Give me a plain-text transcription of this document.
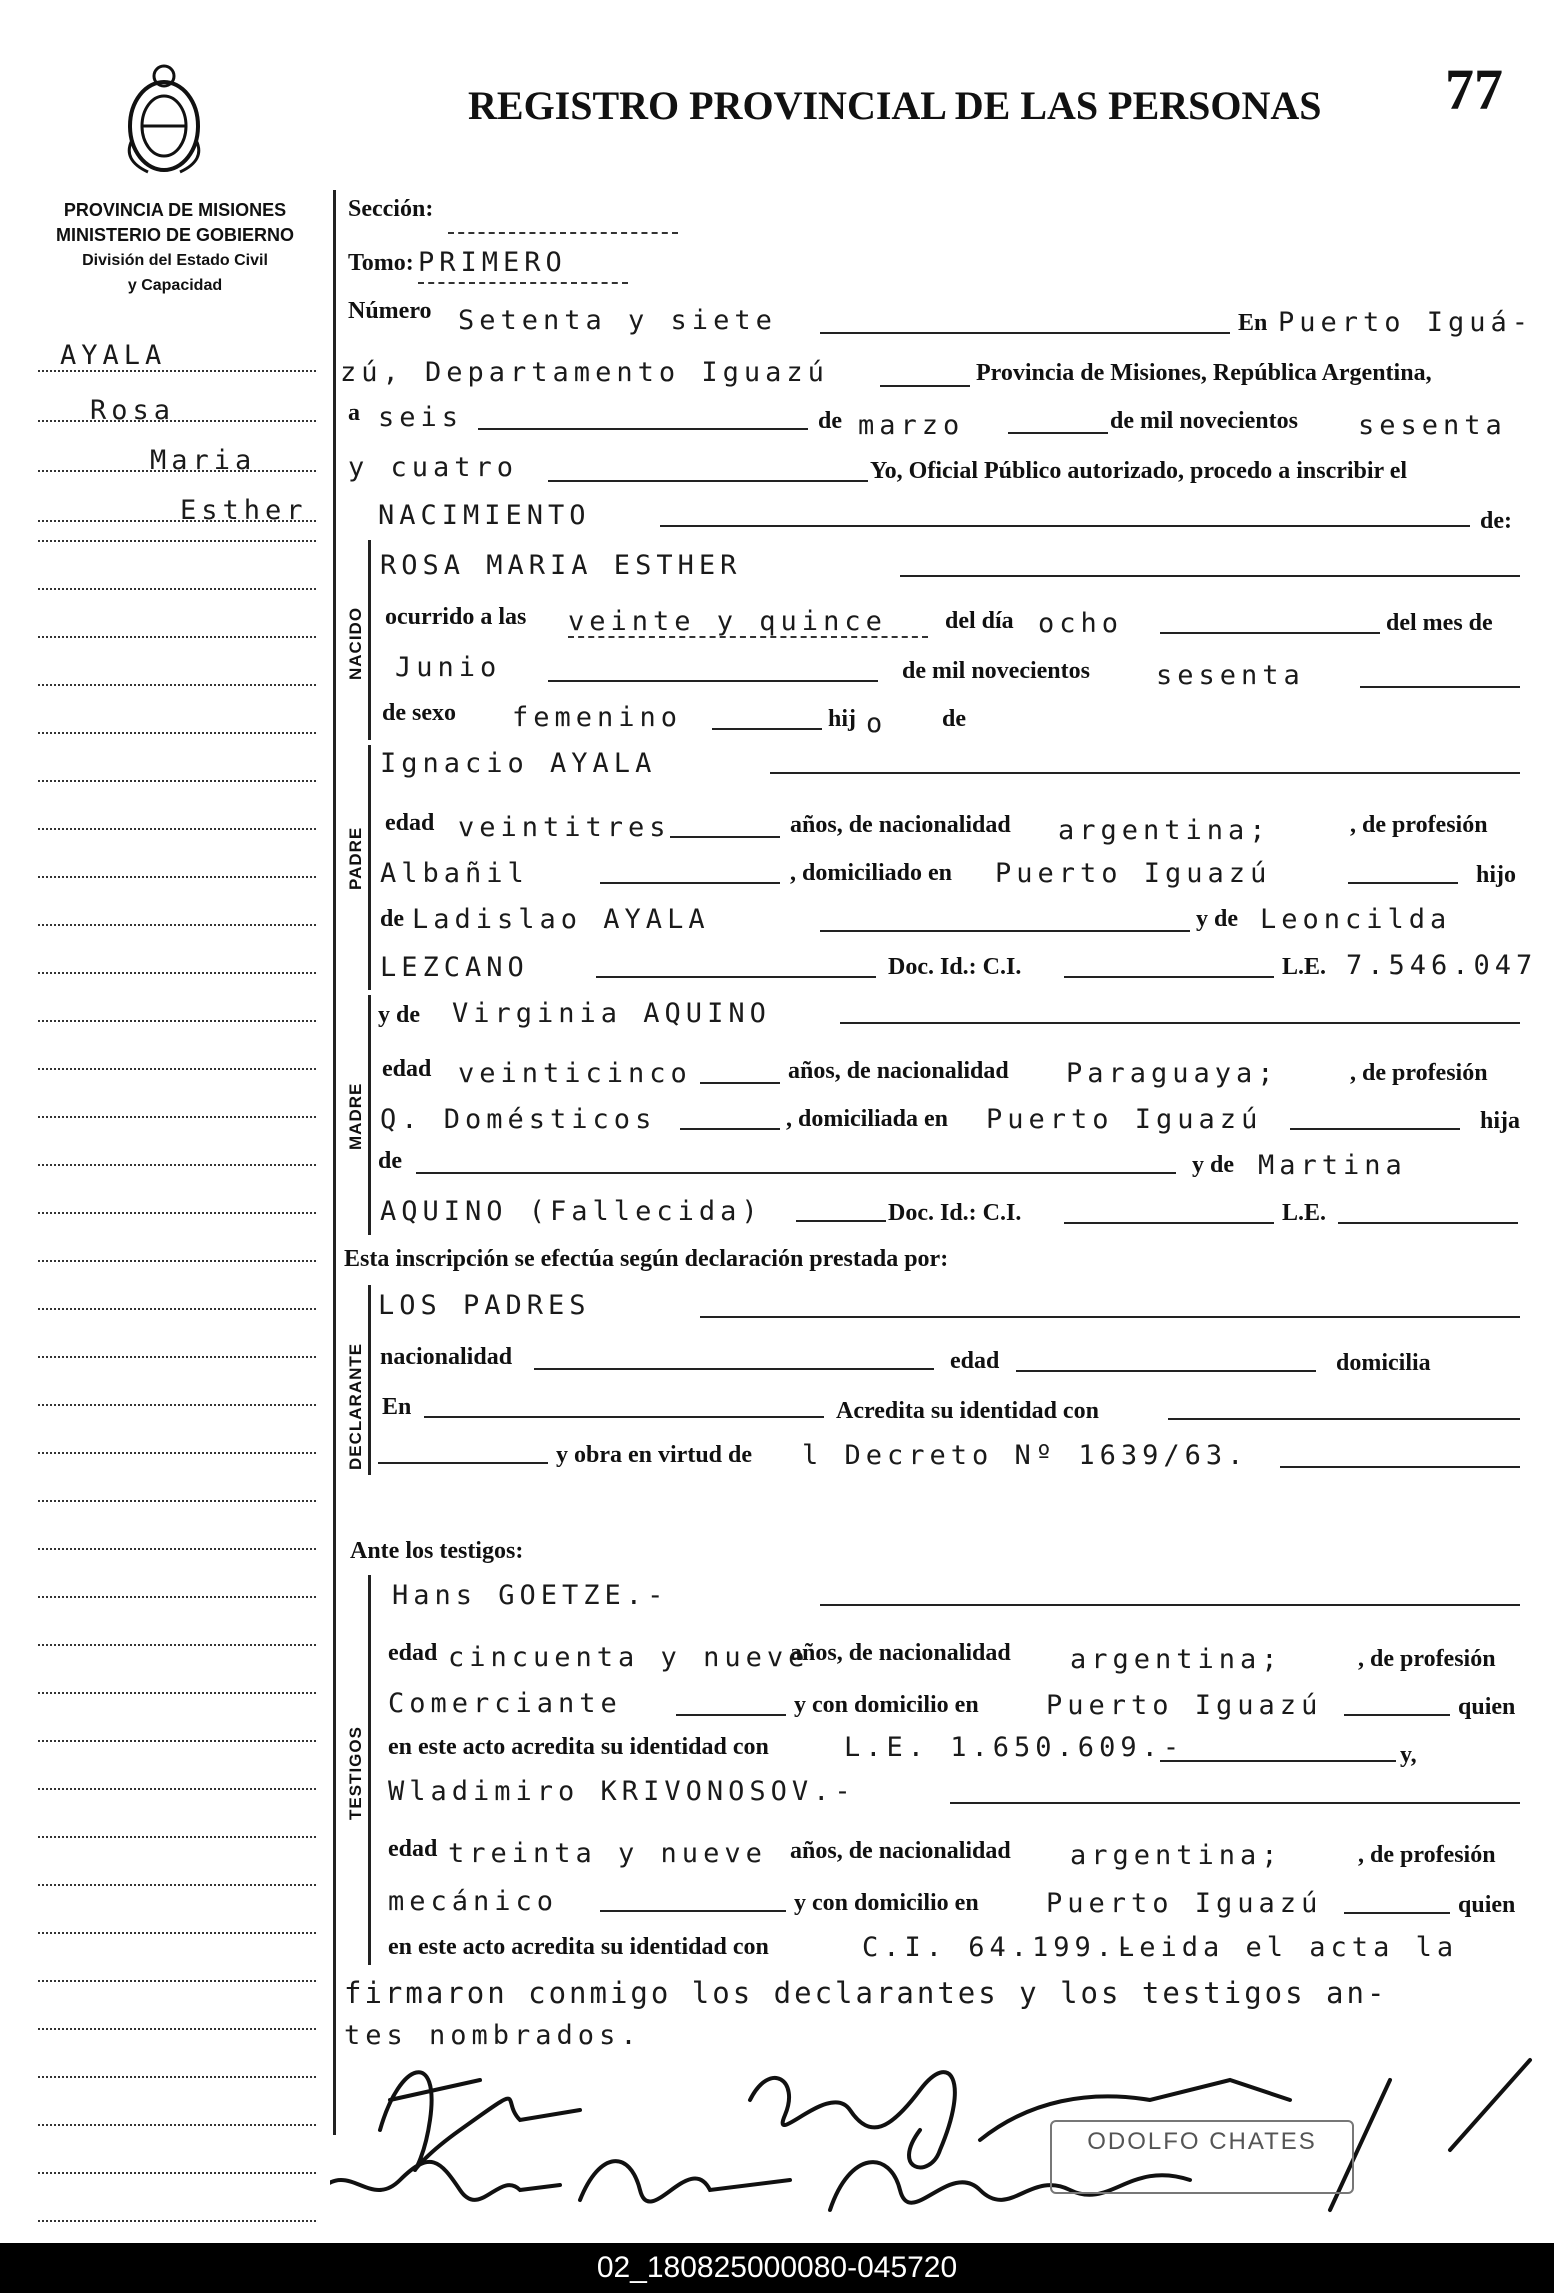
REGISTRO PROVINCIAL DE LAS PERSONAS 77
PROVINCIA DE MISIONES
MINISTERIO DE GOBIERNO
División del Estado Civil
y Capacidad
AYALA
Rosa
Maria
Esther
Sección:
Tomo: PRIMERO
Número Setenta y siete	En Puerto Iguá-
zú, Departamento Iguazú	Provincia de Misiones, República Argentina,
a seis	de marzo	de mil novecientos sesenta
y cuatro	Yo, Oficial Público autorizado, procedo a inscribir el
NACIMIENTO	de:
NACIDO
ROSA MARIA ESTHER
ocurrido a las veinte y quince del día ocho	del mes de
Junio	de mil novecientos sesenta
de sexo femenino	hij o de
PADRE
Ignacio AYALA
edad veintitres	años, de nacionalidad argentina;	, de profesión
Albañil	, domiciliado en Puerto Iguazú	hijo
de Ladislao AYALA	y de Leoncilda
LEZCANO	Doc. Id.: C.I.	L.E. 7.546.047
MADRE
y de Virginia AQUINO
edad veinticinco	años, de nacionalidad Paraguaya;	, de profesión
Q. Domésticos	, domiciliada en Puerto Iguazú	hija
de	y de Martina
AQUINO (Fallecida)	Doc. Id.: C.I.	L.E.
Esta inscripción se efectúa según declaración prestada por:
DECLARANTE
LOS PADRES
nacionalidad	edad	domicilia
En	Acredita su identidad con
y obra en virtud de l Decreto Nº 1639/63.
Ante los testigos:
TESTIGOS
Hans GOETZE.-
edad cincuenta y nueve
años, de nacionalidad argentina;	, de profesión
Comerciante	y con domicilio en Puerto Iguazú	quien
en este acto acredita su identidad con	L.E. 1.650.609.-	y,
Wladimiro KRIVONOSOV.-
edad treinta y nueve años, de nacionalidad argentina;	, de profesión
mecánico	y con domicilio en Puerto Iguazú	quien
en este acto acredita su identidad con	C.I. 64.199.-
Leida el acta la
firmaron conmigo los declarantes y los testigos an-
tes nombrados.
ODOLFO CHATES
02_180825000080-045720
